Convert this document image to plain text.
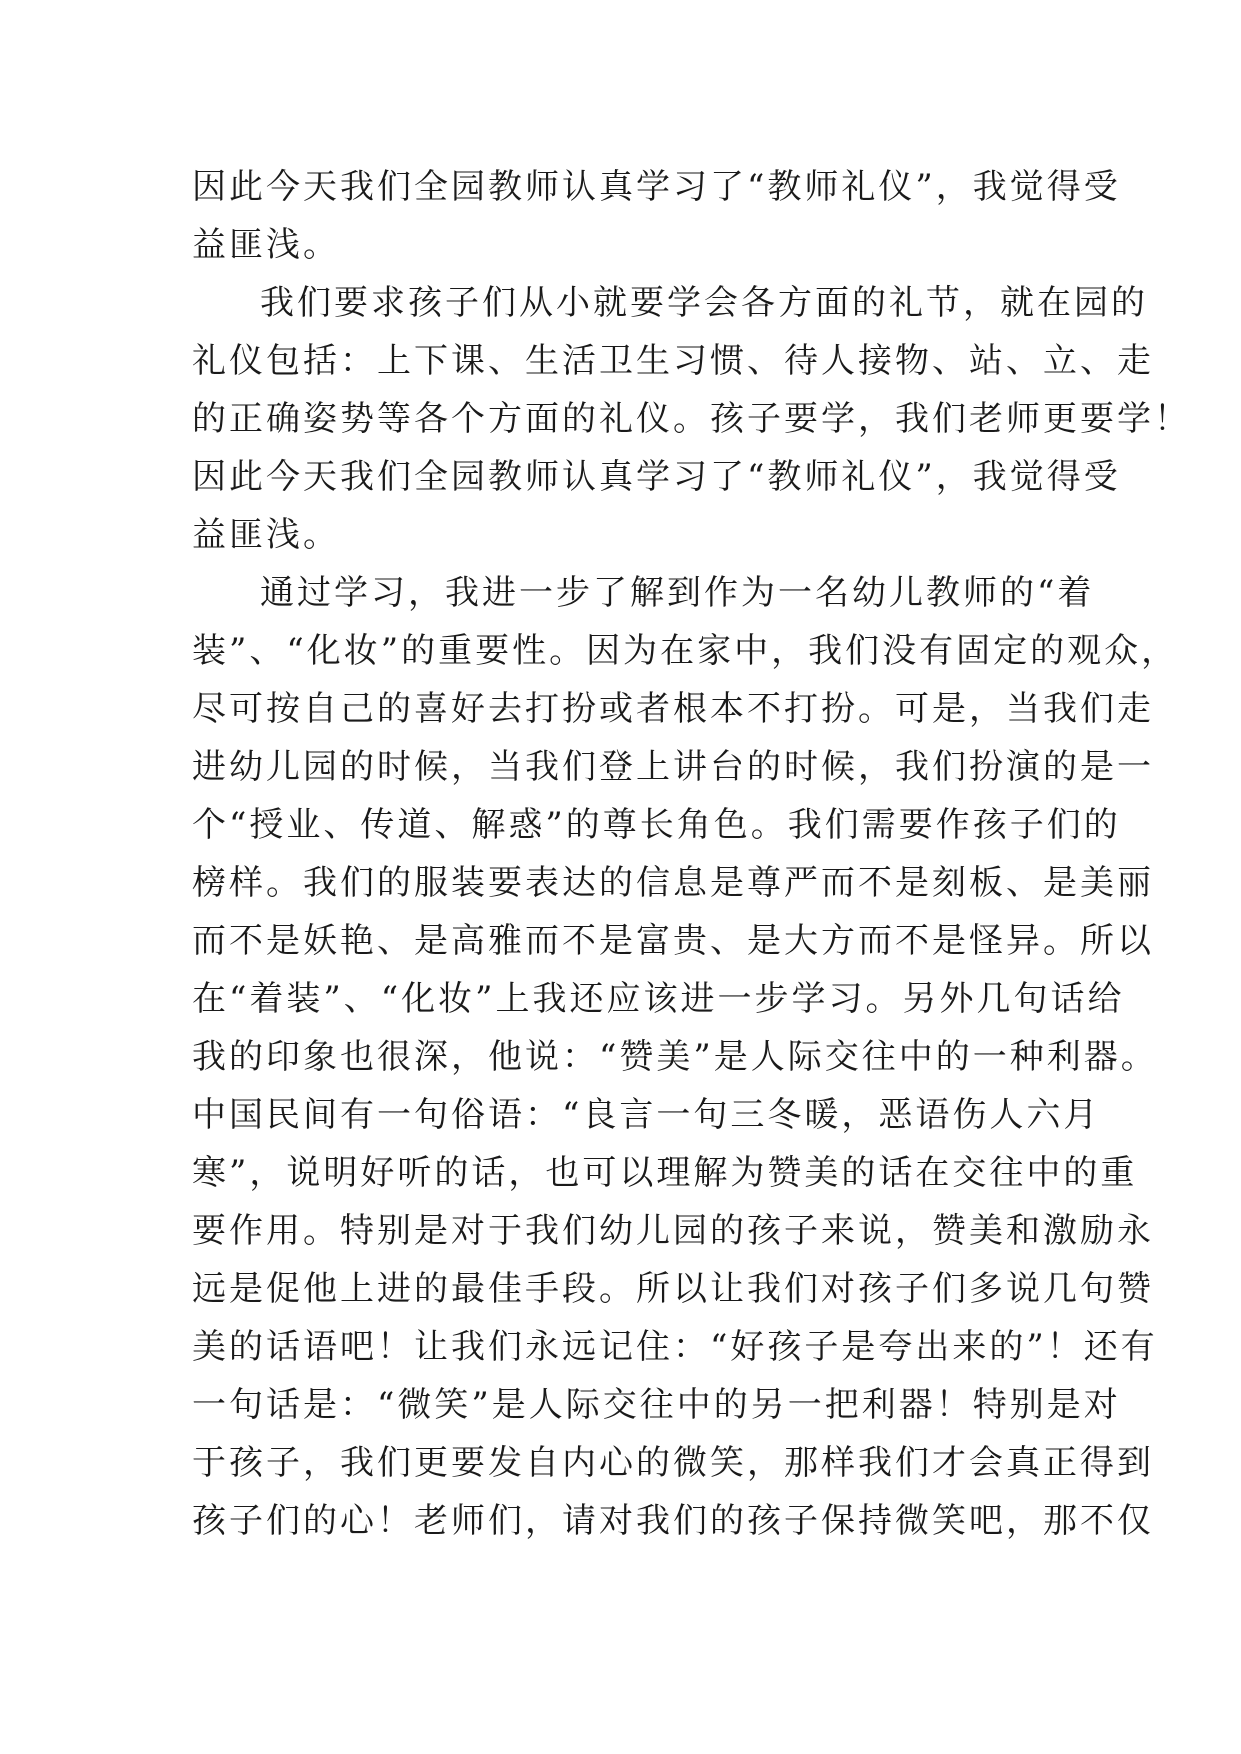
因此今天我们全园教师认真学习了“教师礼仪”，我觉得受
益匪浅。
我们要求孩子们从小就要学会各方面的礼节，就在园的
礼仪包括：上下课、生活卫生习惯、待人接物、站、立、走
的正确姿势等各个方面的礼仪。孩子要学，我们老师更要学！
因此今天我们全园教师认真学习了“教师礼仪”，我觉得受
益匪浅。
通过学习，我进一步了解到作为一名幼儿教师的“着
装”、“化妆”的重要性。因为在家中，我们没有固定的观众，
尽可按自己的喜好去打扮或者根本不打扮。可是，当我们走
进幼儿园的时候，当我们登上讲台的时候，我们扮演的是一
个“授业、传道、解惑”的尊长角色。我们需要作孩子们的
榜样。我们的服装要表达的信息是尊严而不是刻板、是美丽
而不是妖艳、是高雅而不是富贵、是大方而不是怪异。所以
在“着装”、“化妆”上我还应该进一步学习。另外几句话给
我的印象也很深，他说：“赞美”是人际交往中的一种利器。
中国民间有一句俗语：“良言一句三冬暖，恶语伤人六月
寒”，说明好听的话，也可以理解为赞美的话在交往中的重
要作用。特别是对于我们幼儿园的孩子来说，赞美和激励永
远是促他上进的最佳手段。所以让我们对孩子们多说几句赞
美的话语吧！让我们永远记住：“好孩子是夸出来的”！还有
一句话是：“微笑”是人际交往中的另一把利器！特别是对
于孩子，我们更要发自内心的微笑，那样我们才会真正得到
孩子们的心！老师们，请对我们的孩子保持微笑吧，那不仅
